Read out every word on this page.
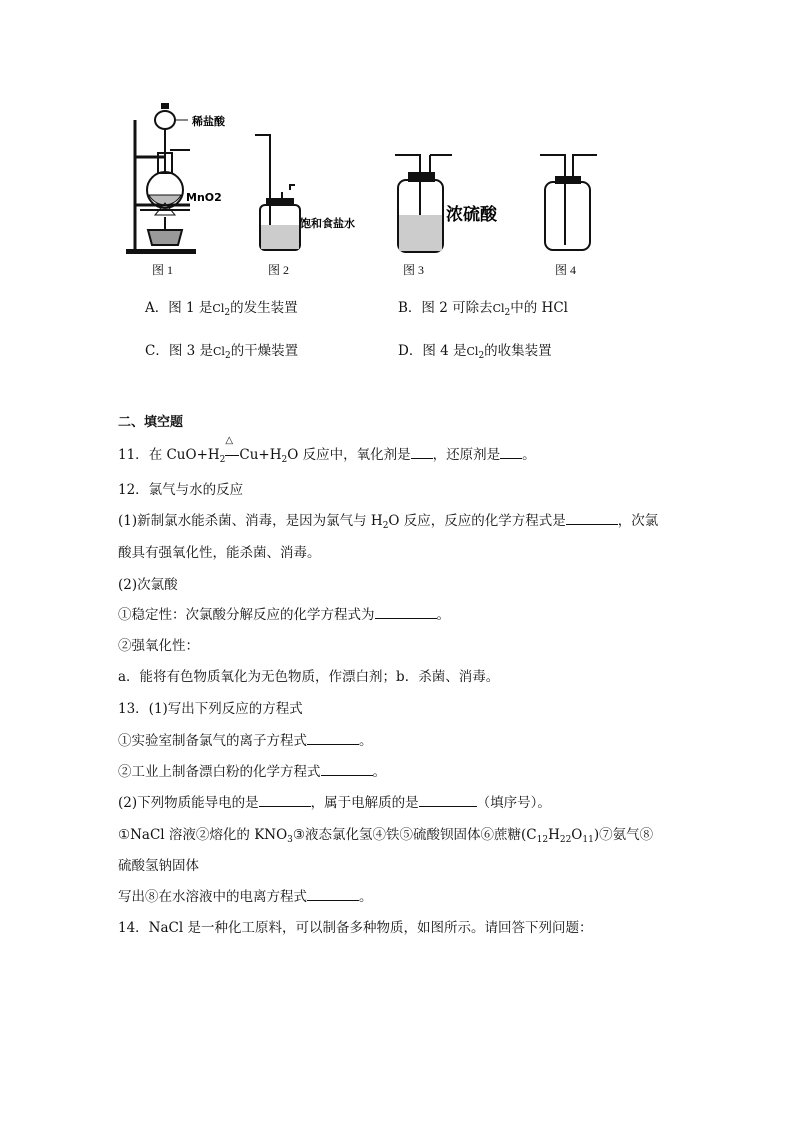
稀盐酸
MnO2
饱和食盐水	浓硫酸
图 1	图 2	图 3	图 4
A．图 1 是$Cl_2$的发生装置	B．图 2 可除去$Cl_2$中的 HCl
C．图 3 是$Cl_2$的干燥装置	D．图 4 是$Cl_2$的收集装置
二、填空题
11．在 $CuO+H_2$
△
$Cu+H_2O$ 反应中，氧化剂是 ，还原剂是 。
12．氯气与水的反应
(1)新制氯水能杀菌、消毒，是因为氯气与 $H_2O$ 反应，反应的化学方程式是	，次氯
酸具有强氧化性，能杀菌、消毒。
(2)次氯酸
①稳定性：次氯酸分解反应的化学方程式为	。
②强氧化性：
a．能将有色物质氧化为无色物质，作漂白剂；b．杀菌、消毒。
13．(1)写出下列反应的方程式
①实验室制备氯气的离子方程式	。
②工业上制备漂白粉的化学方程式	。
(2)下列物质能导电的是	，属于电解质的是	（填序号）。
①NaCl 溶液②熔化的 $KNO_3③$液态氯化氢④铁⑤硫酸钡固体⑥蔗糖$(C_{12}H_{22}O_{11})⑦$氨气⑧
硫酸氢钠固体
写出⑧在水溶液中的电离方程式	。
14．NaCl 是一种化工原料，可以制备多种物质，如图所示。请回答下列问题：
